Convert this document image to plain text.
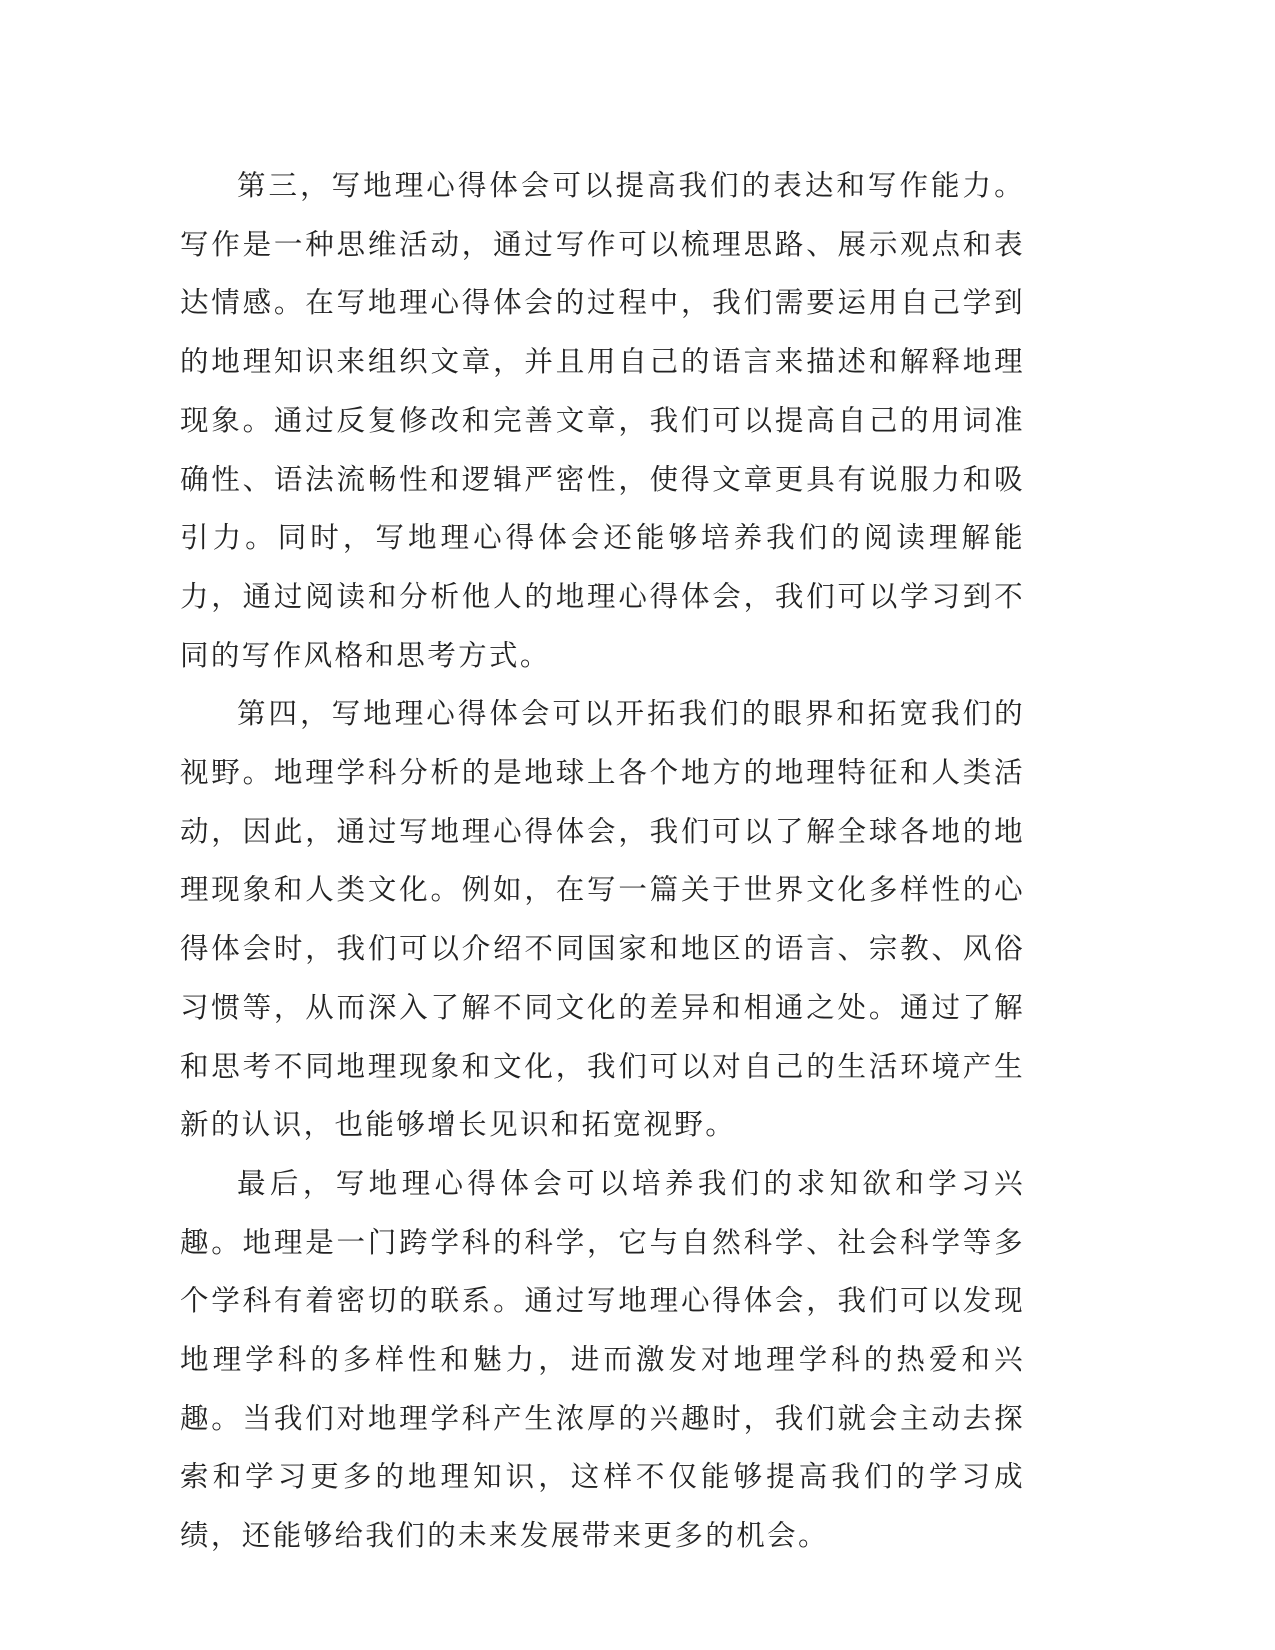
第三，写地理心得体会可以提高我们的表达和写作能力。写作是一种思维活动，通过写作可以梳理思路、展示观点和表达情感。在写地理心得体会的过程中，我们需要运用自己学到的地理知识来组织文章，并且用自己的语言来描述和解释地理现象。通过反复修改和完善文章，我们可以提高自己的用词准确性、语法流畅性和逻辑严密性，使得文章更具有说服力和吸引力。同时，写地理心得体会还能够培养我们的阅读理解能力，通过阅读和分析他人的地理心得体会，我们可以学习到不同的写作风格和思考方式。

第四，写地理心得体会可以开拓我们的眼界和拓宽我们的视野。地理学科分析的是地球上各个地方的地理特征和人类活动，因此，通过写地理心得体会，我们可以了解全球各地的地理现象和人类文化。例如，在写一篇关于世界文化多样性的心得体会时，我们可以介绍不同国家和地区的语言、宗教、风俗习惯等，从而深入了解不同文化的差异和相通之处。通过了解和思考不同地理现象和文化，我们可以对自己的生活环境产生新的认识，也能够增长见识和拓宽视野。

最后，写地理心得体会可以培养我们的求知欲和学习兴趣。地理是一门跨学科的科学，它与自然科学、社会科学等多个学科有着密切的联系。通过写地理心得体会，我们可以发现地理学科的多样性和魅力，进而激发对地理学科的热爱和兴趣。当我们对地理学科产生浓厚的兴趣时，我们就会主动去探索和学习更多的地理知识，这样不仅能够提高我们的学习成绩，还能够给我们的未来发展带来更多的机会。
